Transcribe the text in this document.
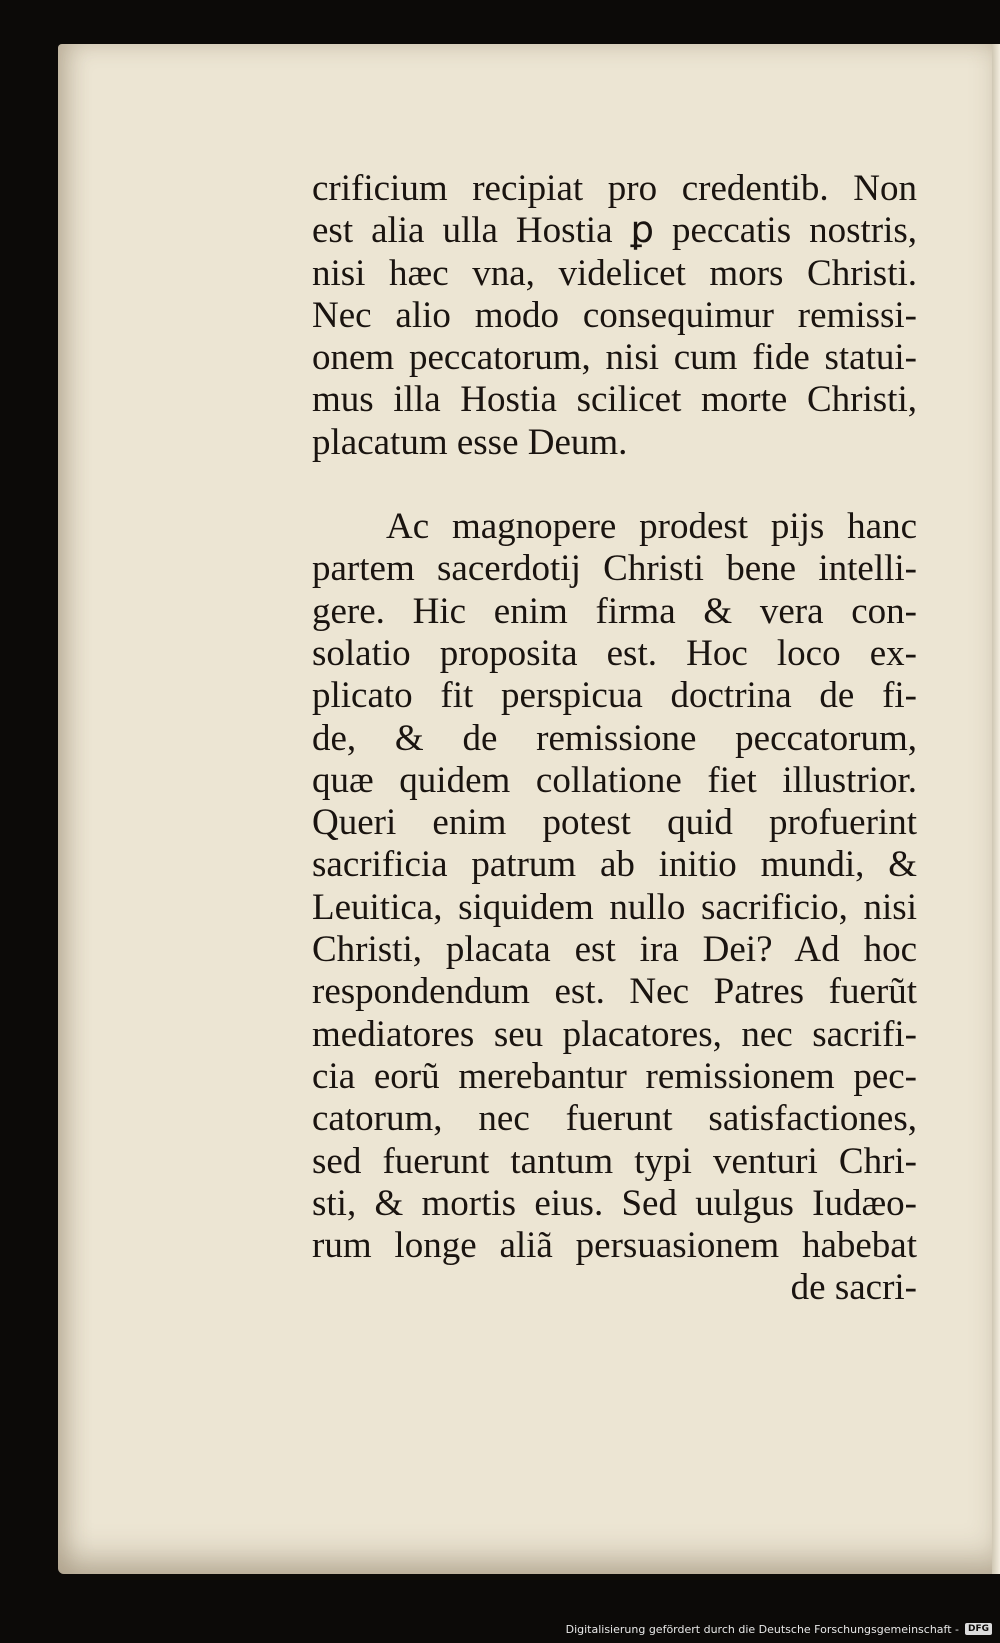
crificium recipiat pro credentib. Non
est alia ulla Hostia ꝑ peccatis nostris,
nisi hæc vna, videlicet mors Christi.
Nec alio modo consequimur remissi-
onem peccatorum, nisi cum fide statui-
mus illa Hostia scilicet morte Christi,
placatum esse Deum.
Ac magnopere prodest pijs hanc
partem sacerdotij Christi bene intelli-
gere. Hic enim firma & vera con-
solatio proposita est. Hoc loco ex-
plicato fit perspicua doctrina de fi-
de, & de remissione peccatorum,
quæ quidem collatione fiet illustrior.
Queri enim potest quid profuerint
sacrificia patrum ab initio mundi, &
Leuitica, siquidem nullo sacrificio, nisi
Christi, placata est ira Dei? Ad hoc
respondendum est. Nec Patres fuerũt
mediatores seu placatores, nec sacrifi-
cia eorũ merebantur remissionem pec-
catorum, nec fuerunt satisfactiones,
sed fuerunt tantum typi venturi Chri-
sti, & mortis eius. Sed uulgus Iudæo-
rum longe aliã persuasionem habebat
de sacri-
Digitalisierung gefördert durch die Deutsche Forschungsgemeinschaft -	DFG
